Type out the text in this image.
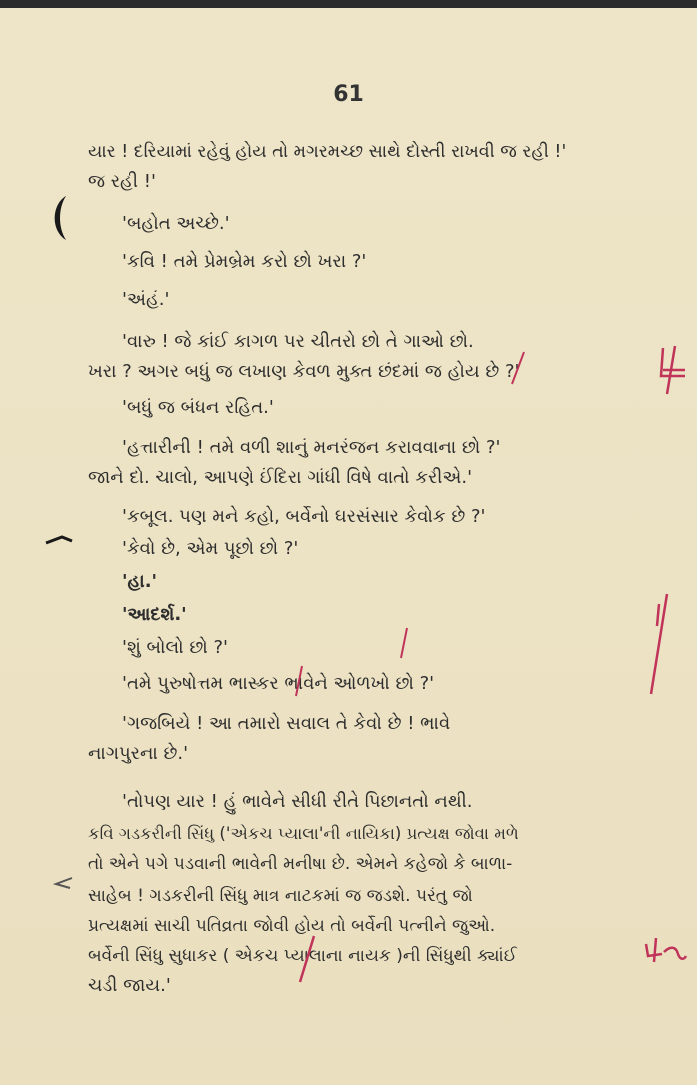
61
યાર ! દરિયામાં રહેવું હોય તો મગરમચ્છ સાથે દોસ્તી રાખવી જ રહી !'
જ રહી !'
'બહોત અચ્છે.'
'કવિ ! તમે પ્રેમબ્રેમ કરો છો ખરા ?'
'અંહં.'
'વારુ ! જે કાંઈ કાગળ પર ચીતરો છો તે ગાઓ છો.
ખરા ? અગર બધું જ લખાણ કેવળ મુક્ત છંદમાં જ હોય છે ?'
'બધું જ બંધન રહિત.'
'હત્તારીની ! તમે વળી શાનું મનરંજન કરાવવાના છો ?'
જાને દો. ચાલો, આપણે ઈંદિરા ગાંધી વિષે વાતો કરીએ.'
'કબૂલ. પણ મને કહો, બર્વેનો ઘરસંસાર કેવોક છે ?'
'કેવો છે, એમ પૂછો છો ?'
'હા.'
'આદર્શ.'
'શું બોલો છો ?'
'તમે પુરુષોત્તમ ભાસ્કર ભાવેને ઓળખો છો ?'
'ગજબિયે ! આ તમારો સવાલ તે કેવો છે ! ભાવે
નાગપુરના છે.'
'તોપણ યાર ! હું ભાવેને સીધી રીતે પિછાનતો નથી.
કવિ ગડકરીની સિંધુ ('એકચ પ્યાલા'ની નાયિકા) પ્રત્યક્ષ જોવા મળે
તો એને પગે પડવાની ભાવેની મનીષા છે. એમને કહેજો કે બાળા-
સાહેબ ! ગડકરીની સિંધુ માત્ર નાટકમાં જ જડશે. પરંતુ જો
પ્રત્યક્ષમાં સાચી પતિવ્રતા જોવી હોય તો બર્વેની પત્નીને જુઓ.
બર્વેની સિંધુ સુધાકર ( એકચ પ્યાલાના નાયક )ની સિંધુથી ક્યાંઈ
ચડી જાય.'
